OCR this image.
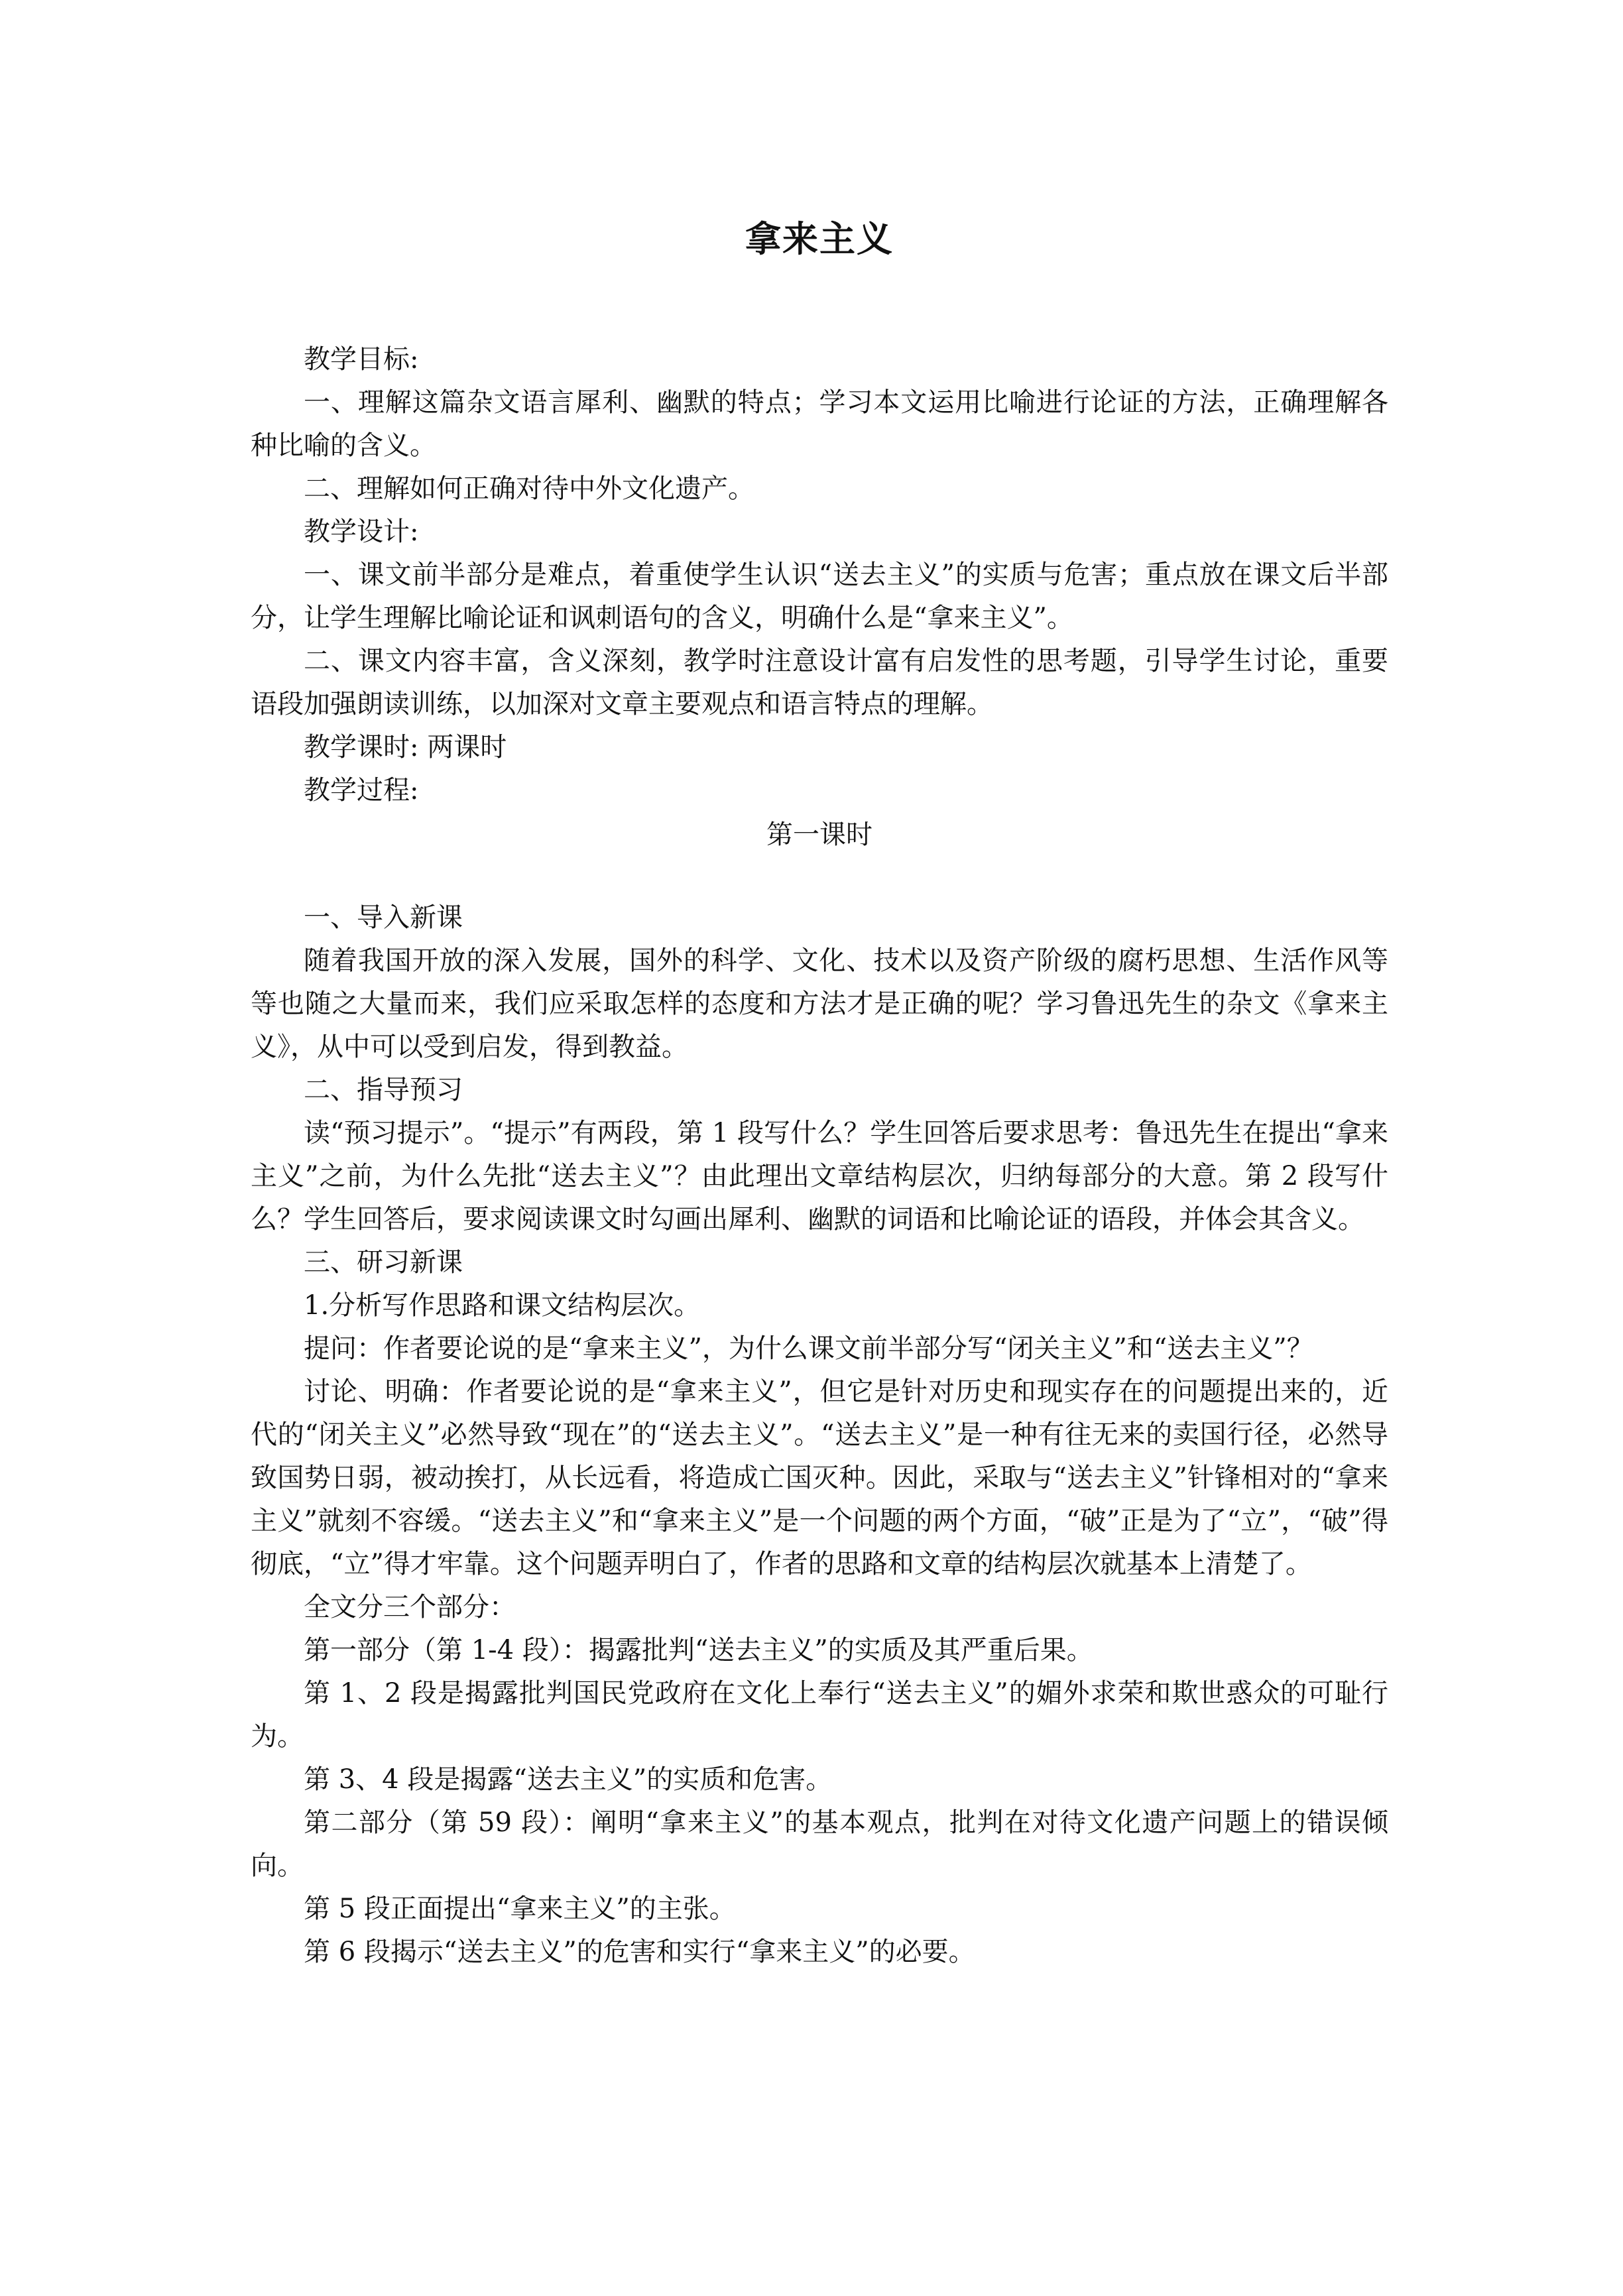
拿来主义

教学目标:

一、理解这篇杂文语言犀利、幽默的特点；学习本文运用比喻进行论证的方法，正确理解各种比喻的含义。

二、理解如何正确对待中外文化遗产。

教学设计:

一、课文前半部分是难点，着重使学生认识“送去主义”的实质与危害；重点放在课文后半部分，让学生理解比喻论证和讽刺语句的含义，明确什么是“拿来主义”。

二、课文内容丰富，含义深刻，教学时注意设计富有启发性的思考题，引导学生讨论，重要语段加强朗读训练，以加深对文章主要观点和语言特点的理解。

教学课时: 两课时

教学过程:

第一课时

一、导入新课

随着我国开放的深入发展，国外的科学、文化、技术以及资产阶级的腐朽思想、生活作风等等也随之大量而来，我们应采取怎样的态度和方法才是正确的呢？学习鲁迅先生的杂文《拿来主义》，从中可以受到启发，得到教益。

二、指导预习

读“预习提示”。“提示”有两段，第 1 段写什么？学生回答后要求思考：鲁迅先生在提出“拿来主义”之前，为什么先批“送去主义”？由此理出文章结构层次，归纳每部分的大意。第 2 段写什么？学生回答后，要求阅读课文时勾画出犀利、幽默的词语和比喻论证的语段，并体会其含义。

三、研习新课

1.分析写作思路和课文结构层次。

提问：作者要论说的是“拿来主义”，为什么课文前半部分写“闭关主义”和“送去主义”？

讨论、明确：作者要论说的是“拿来主义”，但它是针对历史和现实存在的问题提出来的，近代的“闭关主义”必然导致“现在”的“送去主义”。“送去主义”是一种有往无来的卖国行径，必然导致国势日弱，被动挨打，从长远看，将造成亡国灭种。因此，采取与“送去主义”针锋相对的“拿来主义”就刻不容缓。“送去主义”和“拿来主义”是一个问题的两个方面，“破”正是为了“立”，“破”得彻底，“立”得才牢靠。这个问题弄明白了，作者的思路和文章的结构层次就基本上清楚了。

全文分三个部分：

第一部分（第 1-4 段）：揭露批判“送去主义”的实质及其严重后果。

第 1、2 段是揭露批判国民党政府在文化上奉行“送去主义”的媚外求荣和欺世惑众的可耻行为。

第 3、4 段是揭露“送去主义”的实质和危害。

第二部分（第 59 段）：阐明“拿来主义”的基本观点，批判在对待文化遗产问题上的错误倾向。

第 5 段正面提出“拿来主义”的主张。

第 6 段揭示“送去主义”的危害和实行“拿来主义”的必要。
